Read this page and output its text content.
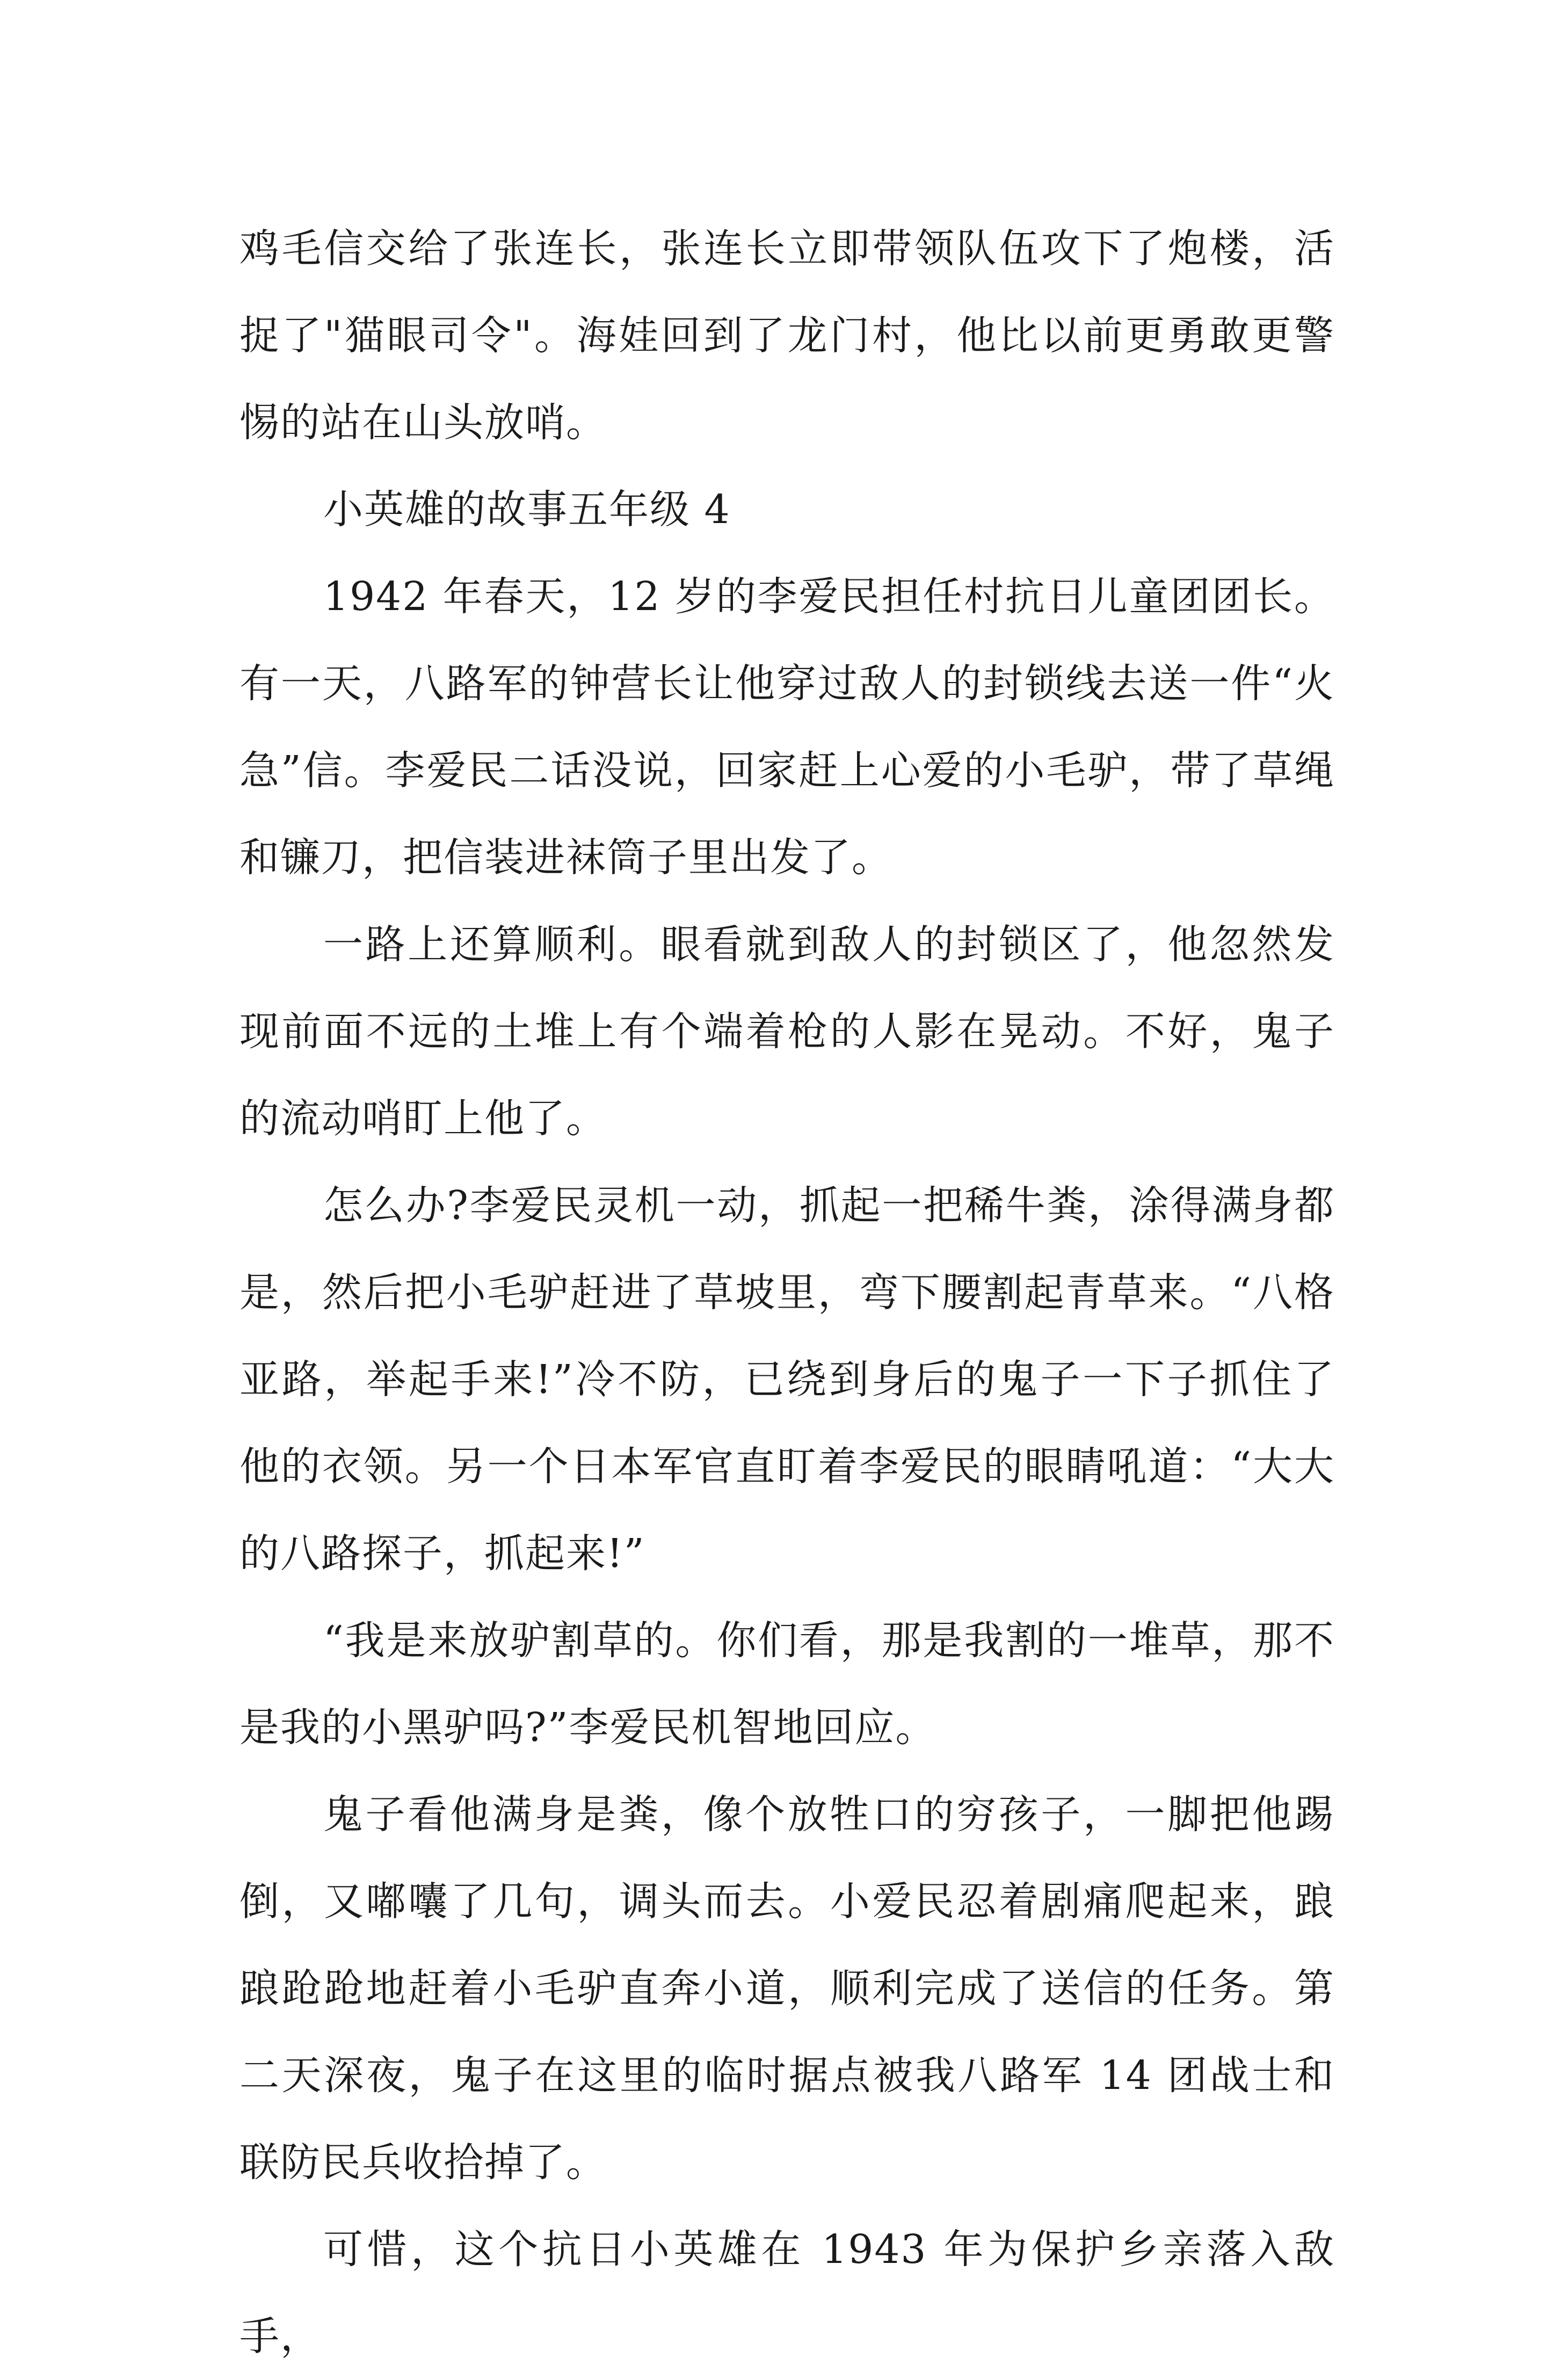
鸡毛信交给了张连长，张连长立即带领队伍攻下了炮楼，活捉了"猫眼司令"。海娃回到了龙门村，他比以前更勇敢更警惕的站在山头放哨。

小英雄的故事五年级 4

1942 年春天，12 岁的李爱民担任村抗日儿童团团长。有一天，八路军的钟营长让他穿过敌人的封锁线去送一件“火急”信。李爱民二话没说，回家赶上心爱的小毛驴，带了草绳和镰刀，把信装进袜筒子里出发了。

一路上还算顺利。眼看就到敌人的封锁区了，他忽然发现前面不远的土堆上有个端着枪的人影在晃动。不好，鬼子的流动哨盯上他了。

怎么办?李爱民灵机一动，抓起一把稀牛粪，涂得满身都是，然后把小毛驴赶进了草坡里，弯下腰割起青草来。“八格亚路，举起手来!”冷不防，已绕到身后的鬼子一下子抓住了他的衣领。另一个日本军官直盯着李爱民的眼睛吼道：“大大的八路探子，抓起来!”

“我是来放驴割草的。你们看，那是我割的一堆草，那不是我的小黑驴吗?”李爱民机智地回应。

鬼子看他满身是粪，像个放牲口的穷孩子，一脚把他踢倒，又嘟囔了几句，调头而去。小爱民忍着剧痛爬起来，踉踉跄跄地赶着小毛驴直奔小道，顺利完成了送信的任务。第二天深夜，鬼子在这里的临时据点被我八路军 14 团战士和联防民兵收拾掉了。

可惜，这个抗日小英雄在 1943 年为保护乡亲落入敌手，
